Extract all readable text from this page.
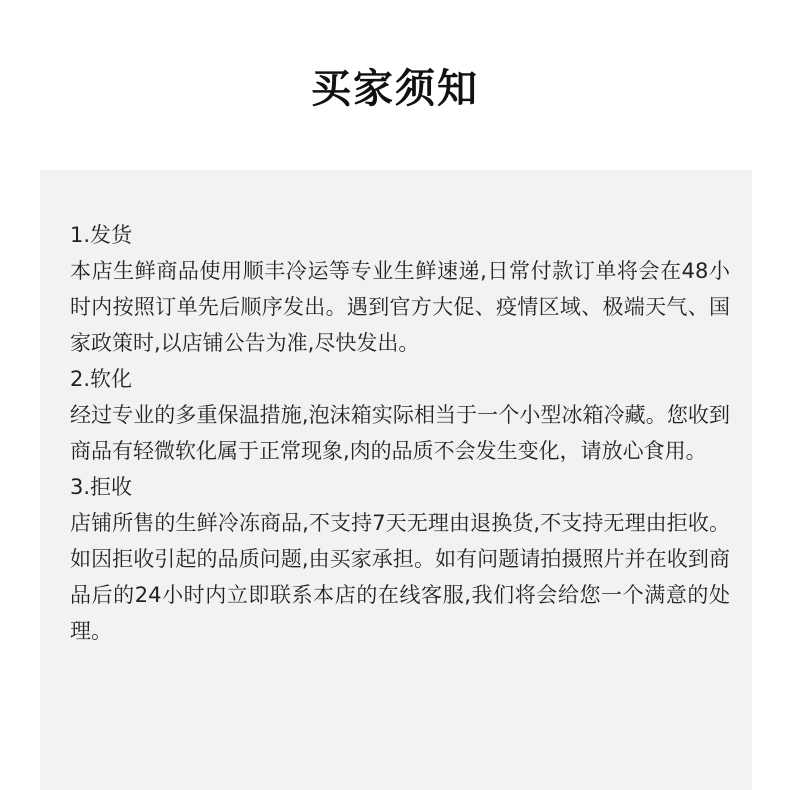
买家须知
1.发货
本店生鲜商品使用顺丰冷运等专业生鲜速递,日常付款订单将会在48小时内按照订单先后顺序发出。遇到官方大促、疫情区域、极端天气、国家政策时,以店铺公告为准,尽快发出。
2.软化
经过专业的多重保温措施,泡沫箱实际相当于一个小型冰箱冷藏。您收到商品有轻微软化属于正常现象,肉的品质不会发生变化，请放心食用。
3.拒收
店铺所售的生鲜冷冻商品,不支持7天无理由退换货,不支持无理由拒收。如因拒收引起的品质问题,由买家承担。如有问题请拍摄照片并在收到商品后的24小时内立即联系本店的在线客服,我们将会给您一个满意的处理。
